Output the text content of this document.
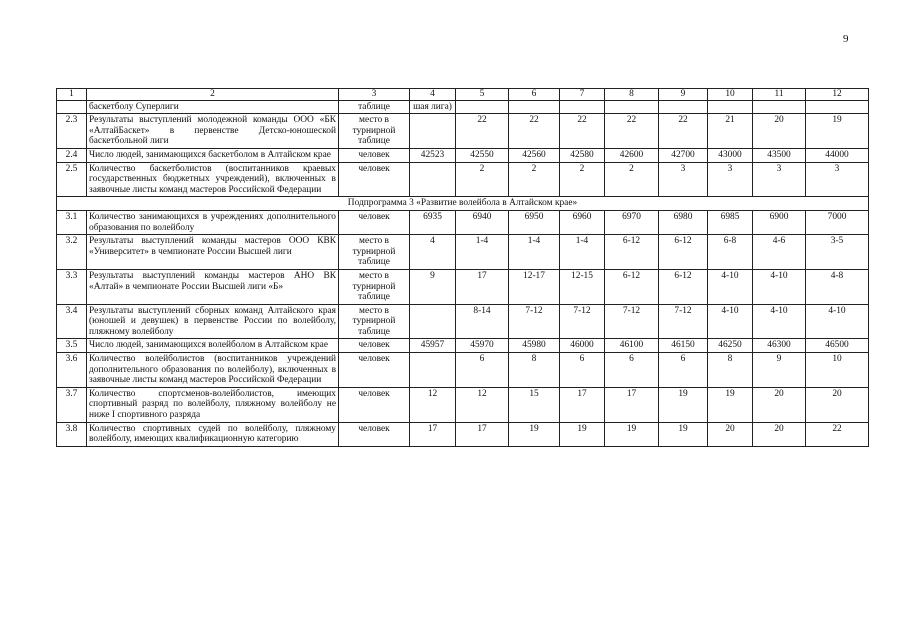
9
1	2	3	4	5	6	7	8	9	10	11	12
	баскетболу Суперлиги	таблице	шая лига)								
2.3	Результаты выступлений молодежной команды ООО «БК «АлтайБаскет» в первенстве Детско-юношеской баскетбольной лиги	место в турнирной таблице		22	22	22	22	22	21	20	19
2.4	Число людей, занимающихся баскетболом в Алтайском крае	человек	42523	42550	42560	42580	42600	42700	43000	43500	44000
2.5	Количество баскетболистов (воспитанников краевых государственных бюджетных учреждений), включенных в заявочные листы команд мастеров Российской Федерации	человек		2	2	2	2	3	3	3	3
Подпрограмма 3 «Развитие волейбола в Алтайском крае»											
3.1	Количество занимающихся в учреждениях дополнительного образования по волейболу	человек	6935	6940	6950	6960	6970	6980	6985	6900	7000
3.2	Результаты выступлений команды мастеров ООО КВК «Университет» в чемпионате России Высшей лиги	место в турнирной таблице	4	1-4	1-4	1-4	6-12	6-12	6-8	4-6	3-5
3.3	Результаты выступлений команды мастеров АНО ВК «Алтай» в чемпионате России Высшей лиги «Б»	место в турнирной таблице	9	17	12-17	12-15	6-12	6-12	4-10	4-10	4-8
3.4	Результаты выступлений сборных команд Алтайского края (юношей и девушек) в первенстве России по волейболу, пляжному волейболу	место в турнирной таблице		8-14	7-12	7-12	7-12	7-12	4-10	4-10	4-10
3.5	Число людей, занимающихся волейболом в Алтайском крае	человек	45957	45970	45980	46000	46100	46150	46250	46300	46500
3.6	Количество волейболистов (воспитанников учреждений дополнительного образования по волейболу), включенных в заявочные листы команд мастеров Российской Федерации	человек		6	8	6	6	6	8	9	10
3.7	Количество спортсменов-волейболистов, имеющих спортивный разряд по волейболу, пляжному волейболу не ниже I спортивного разряда	человек	12	12	15	17	17	19	19	20	20
3.8	Количество спортивных судей по волейболу, пляжному волейболу, имеющих квалификационную категорию	человек	17	17	19	19	19	19	20	20	22
